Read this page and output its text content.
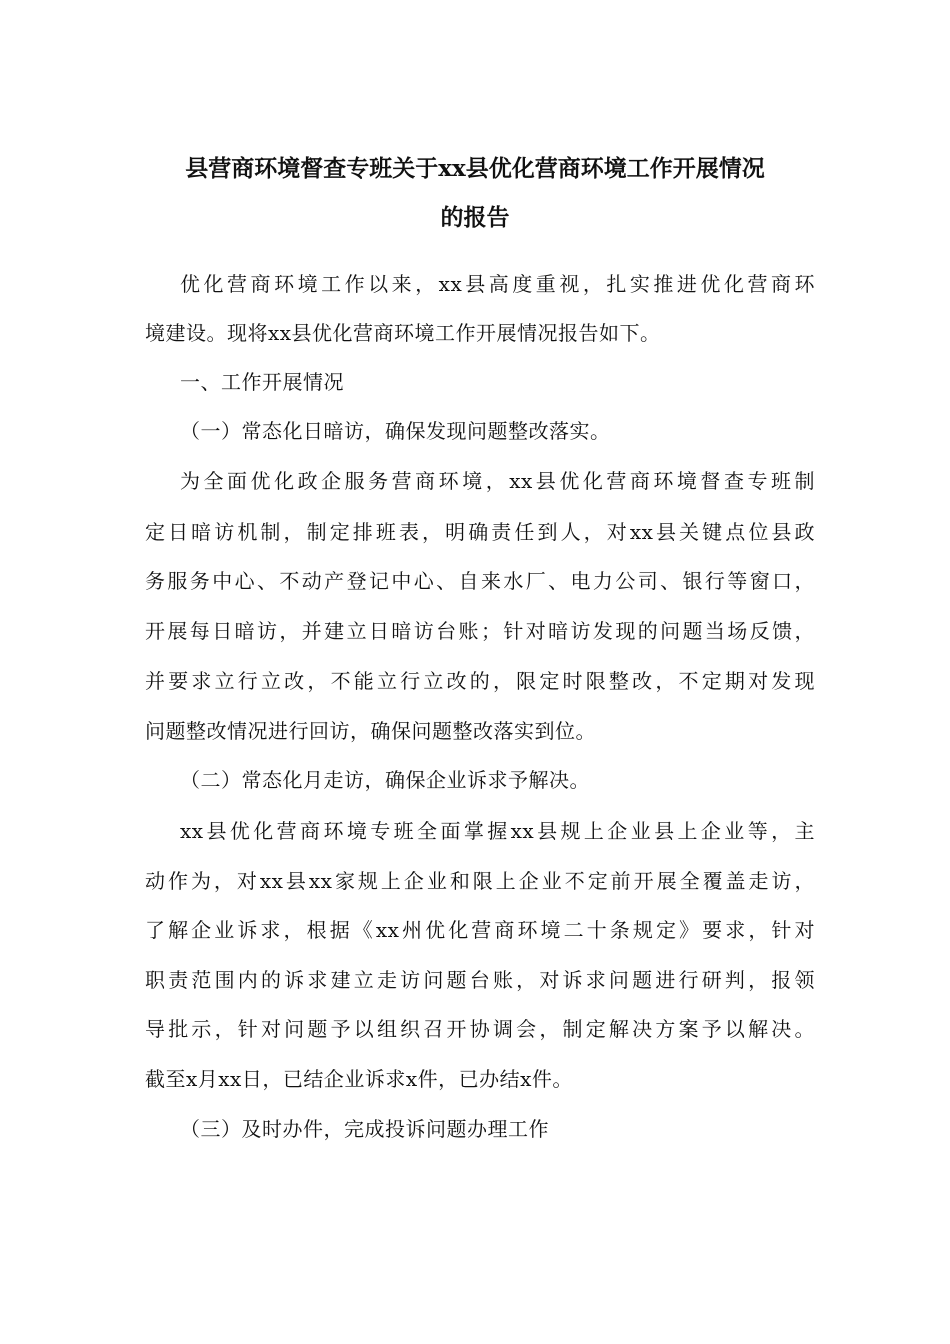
县营商环境督查专班关于xx县优化营商环境工作开展情况
的报告
优化营商环境工作以来，xx县高度重视，扎实推进优化营商环
境建设。现将xx县优化营商环境工作开展情况报告如下。
一、工作开展情况
（一）常态化日暗访，确保发现问题整改落实。
为全面优化政企服务营商环境，xx县优化营商环境督查专班制
定日暗访机制，制定排班表，明确责任到人，对xx县关键点位县政
务服务中心、不动产登记中心、自来水厂、电力公司、银行等窗口，
开展每日暗访，并建立日暗访台账；针对暗访发现的问题当场反馈，
并要求立行立改，不能立行立改的，限定时限整改，不定期对发现
问题整改情况进行回访，确保问题整改落实到位。
（二）常态化月走访，确保企业诉求予解决。
xx县优化营商环境专班全面掌握xx县规上企业县上企业等，主
动作为，对xx县xx家规上企业和限上企业不定前开展全覆盖走访，
了解企业诉求，根据《xx州优化营商环境二十条规定》要求，针对
职责范围内的诉求建立走访问题台账，对诉求问题进行研判，报领
导批示，针对问题予以组织召开协调会，制定解决方案予以解决。
截至x月xx日，已结企业诉求x件，已办结x件。
（三）及时办件，完成投诉问题办理工作
